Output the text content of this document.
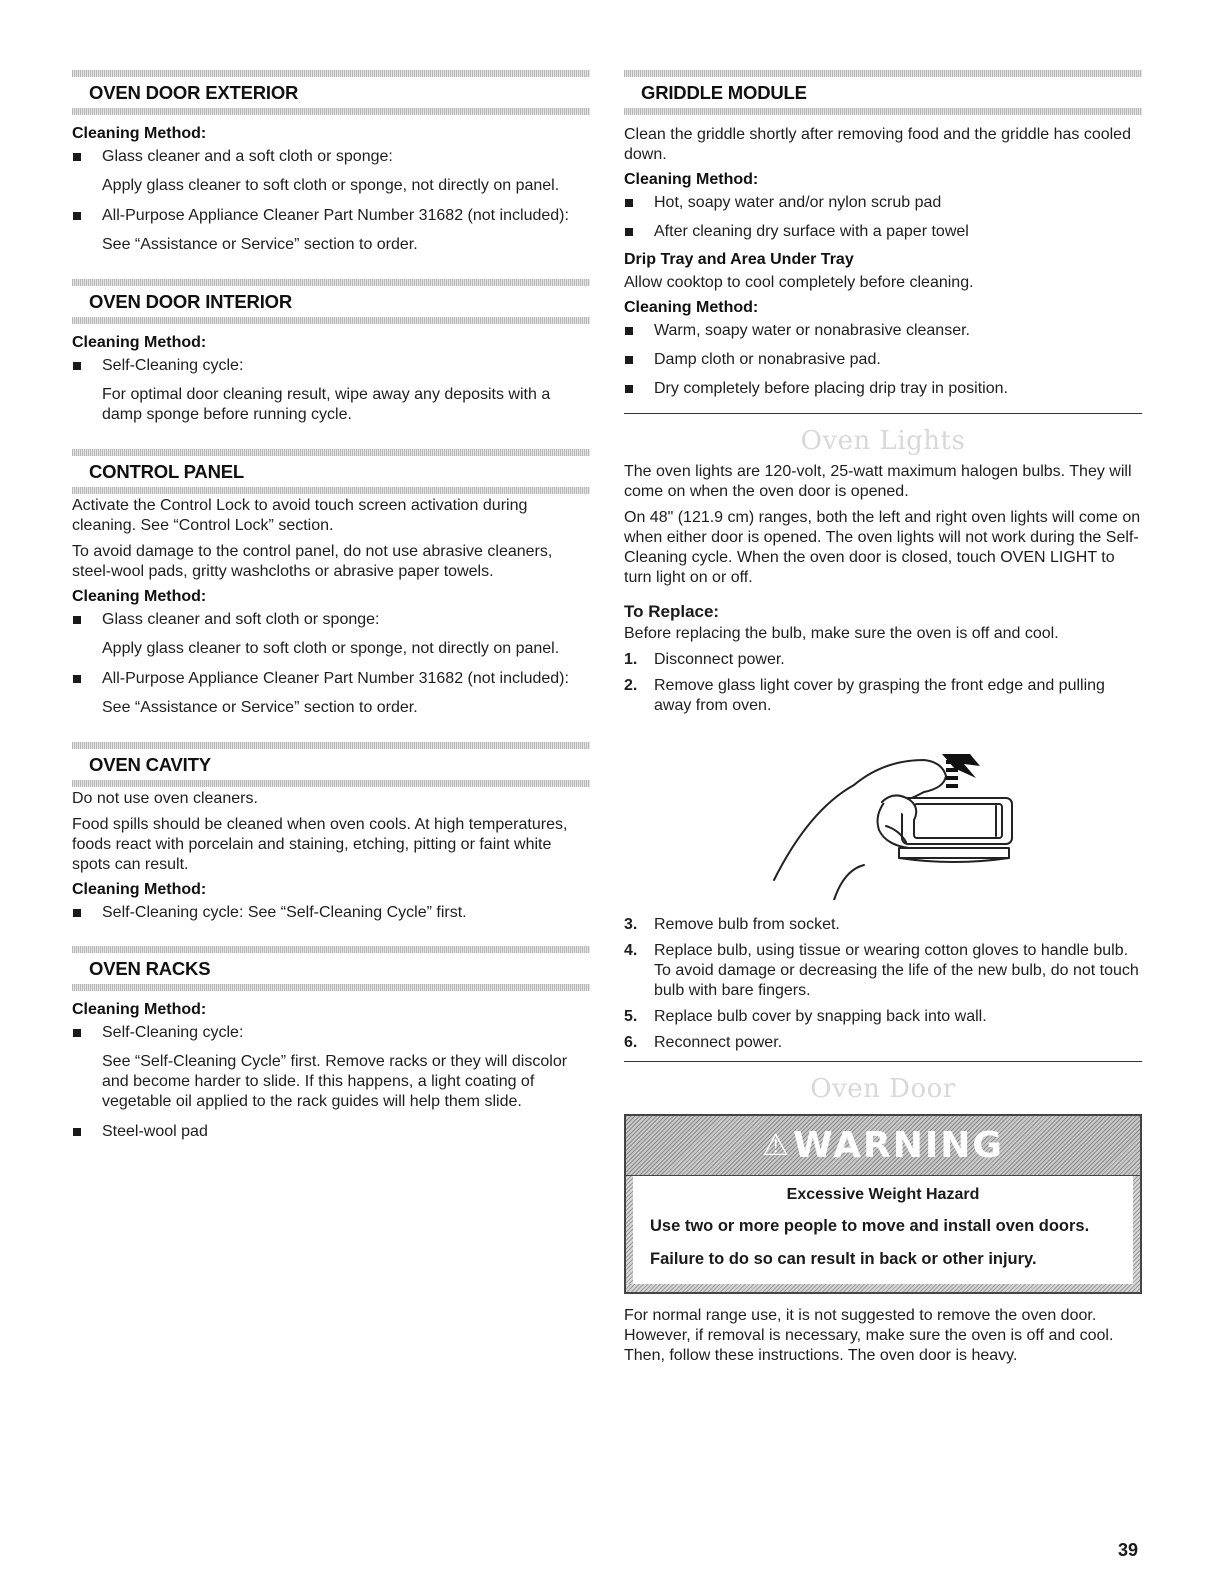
OVEN DOOR EXTERIOR
Cleaning Method:
Glass cleaner and a soft cloth or sponge:
Apply glass cleaner to soft cloth or sponge, not directly on panel.
All-Purpose Appliance Cleaner Part Number 31682 (not included):
See “Assistance or Service” section to order.
OVEN DOOR INTERIOR
Cleaning Method:
Self-Cleaning cycle:
For optimal door cleaning result, wipe away any deposits with a damp sponge before running cycle.
CONTROL PANEL

Activate the Control Lock to avoid touch screen activation during cleaning. See “Control Lock” section.

To avoid damage to the control panel, do not use abrasive cleaners, steel-wool pads, gritty washcloths or abrasive paper towels.

Cleaning Method:
Glass cleaner and soft cloth or sponge:
Apply glass cleaner to soft cloth or sponge, not directly on panel.
All-Purpose Appliance Cleaner Part Number 31682 (not included):
See “Assistance or Service” section to order.
OVEN CAVITY

Do not use oven cleaners.

Food spills should be cleaned when oven cools. At high temperatures, foods react with porcelain and staining, etching, pitting or faint white spots can result.

Cleaning Method:
Self-Cleaning cycle: See “Self-Cleaning Cycle” first.
OVEN RACKS
Cleaning Method:
Self-Cleaning cycle:
See “Self-Cleaning Cycle” first. Remove racks or they will discolor and become harder to slide. If this happens, a light coating of vegetable oil applied to the rack guides will help them slide.
Steel-wool pad
GRIDDLE MODULE

Clean the griddle shortly after removing food and the griddle has cooled down.

Cleaning Method:
Hot, soapy water and/or nylon scrub pad
After cleaning dry surface with a paper towel
Drip Tray and Area Under Tray

Allow cooktop to cool completely before cleaning.

Cleaning Method:
Warm, soapy water or nonabrasive cleanser.
Damp cloth or nonabrasive pad.
Dry completely before placing drip tray in position.
Oven Lights

The oven lights are 120-volt, 25-watt maximum halogen bulbs. They will come on when the oven door is opened.

On 48" (121.9 cm) ranges, both the left and right oven lights will come on when either door is opened. The oven lights will not work during the Self-Cleaning cycle. When the oven door is closed, touch OVEN LIGHT to turn light on or off.

To Replace:

Before replacing the bulb, make sure the oven is off and cool.

1. Disconnect power.
2. Remove glass light cover by grasping the front edge and pulling away from oven.
3. Remove bulb from socket.
4. Replace bulb, using tissue or wearing cotton gloves to handle bulb. To avoid damage or decreasing the life of the new bulb, do not touch bulb with bare fingers.
5. Replace bulb cover by snapping back into wall.
6. Reconnect power.
Oven Door
⚠ WARNING
Excessive Weight Hazard
Use two or more people to move and install oven doors.
Failure to do so can result in back or other injury.

For normal range use, it is not suggested to remove the oven door. However, if removal is necessary, make sure the oven is off and cool. Then, follow these instructions. The oven door is heavy.

39
